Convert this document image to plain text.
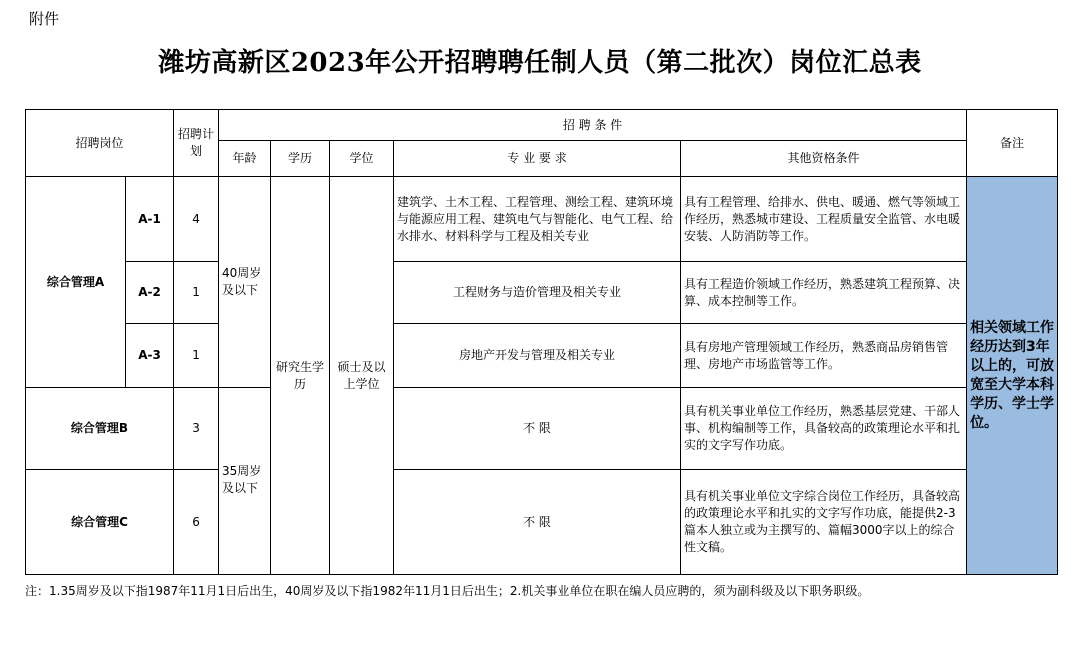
附件
潍坊高新区2023年公开招聘聘任制人员（第二批次）岗位汇总表
招聘岗位		招聘计划	招 聘 条 件					备注
			年龄	学历	学位	专 业 要 求	其他资格条件	
综合管理A	A-1	4	40周岁及以下	研究生学历	硕士及以上学位	建筑学、土木工程、工程管理、测绘工程、建筑环境与能源应用工程、建筑电气与智能化、电气工程、给水排水、材料科学与工程及相关专业	具有工程管理、给排水、供电、暖通、燃气等领域工作经历，熟悉城市建设、工程质量安全监管、水电暖安装、人防消防等工作。	相关领域工作经历达到3年以上的，可放宽至大学本科学历、学士学位。
	A-2	1				工程财务与造价管理及相关专业	具有工程造价领域工作经历，熟悉建筑工程预算、决算、成本控制等工作。	
	A-3	1				房地产开发与管理及相关专业	具有房地产管理领域工作经历，熟悉商品房销售管理、房地产市场监管等工作。	
综合管理B		3	35周岁及以下			不 限	具有机关事业单位工作经历，熟悉基层党建、干部人事、机构编制等工作，具备较高的政策理论水平和扎实的文字写作功底。	
综合管理C		6				不 限	具有机关事业单位文字综合岗位工作经历，具备较高的政策理论水平和扎实的文字写作功底，能提供2-3篇本人独立或为主撰写的、篇幅3000字以上的综合性文稿。	
注：1.35周岁及以下指1987年11月1日后出生，40周岁及以下指1982年11月1日后出生；2.机关事业单位在职在编人员应聘的，须为副科级及以下职务职级。
